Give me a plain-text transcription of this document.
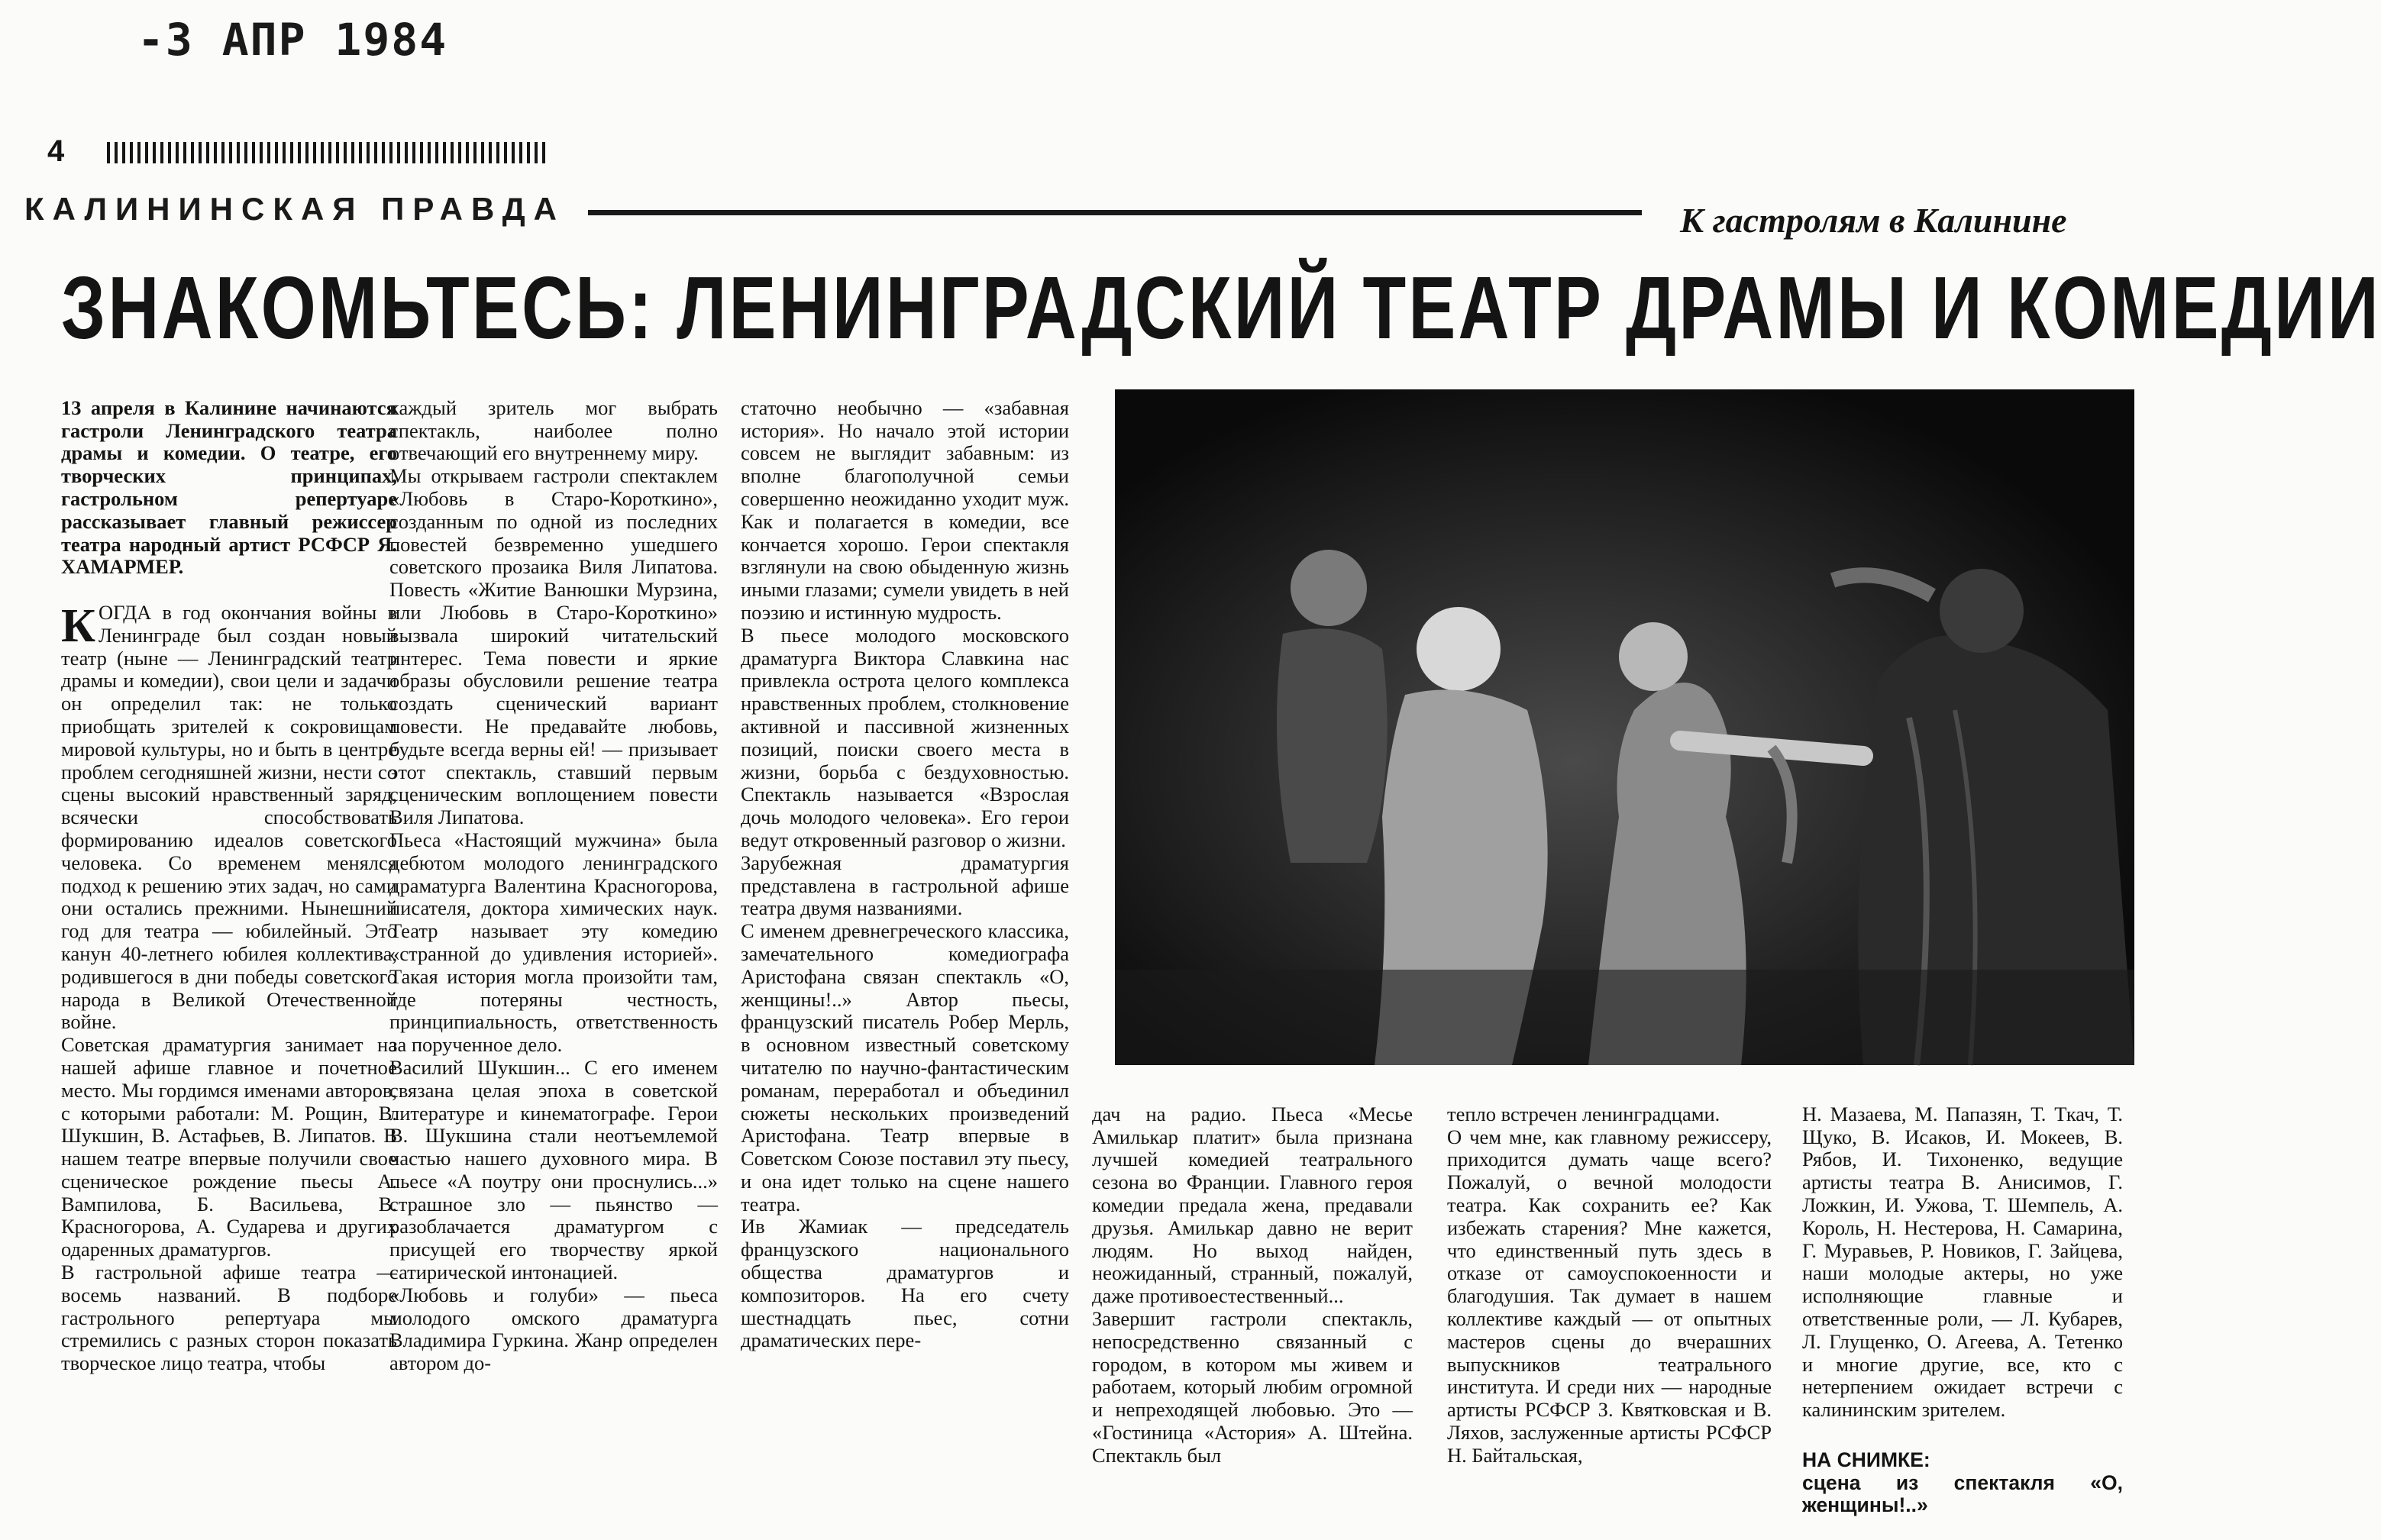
-3 АПР 1984
4
КАЛИНИНСКАЯ ПРАВДА	К гастролям в Калинине
ЗНАКОМЬТЕСЬ: ЛЕНИНГРАДСКИЙ ТЕАТР ДРАМЫ И КОМЕДИИ

13 апреля в Калинине начинаются гастроли Ленинградского театра драмы и комедии. О театре, его творческих принципах, гастрольном репертуаре рассказывает главный режиссер театра народный артист РСФСР Я. ХАМАРМЕР.

КОГДА в год окончания войны в Ленинграде был создан новый театр (ныне — Ленинградский театр драмы и комедии), свои цели и задачи он определил так: не только приобщать зрителей к сокровищам мировой культуры, но и быть в центре проблем сегодняшней жизни, нести со сцены высокий нравственный заряд, всячески способствовать формированию идеалов советского человека. Со временем менялся подход к решению этих задач, но сами они остались прежними. Нынешний год для театра — юбилейный. Это канун 40-летнего юбилея коллектива, родившегося в дни победы советского народа в Великой Отечественной войне.
Советская драматургия занимает на нашей афише главное и почетное место. Мы гордимся именами авторов, с которыми работали: М. Рощин, В. Шукшин, В. Астафьев, В. Липатов. В нашем театре впервые получили свое сценическое рождение пьесы А. Вампилова, Б. Васильева, В. Красногорова, А. Сударева и других одаренных драматургов.
В гастрольной афише театра — восемь названий. В подборе гастрольного репертуара мы стремились с разных сторон показать творческое лицо театра, чтобы

каждый зритель мог выбрать спектакль, наиболее полно отвечающий его внутреннему миру.
Мы открываем гастроли спектаклем «Любовь в Старо-Короткино», созданным по одной из последних повестей безвременно ушедшего советского прозаика Виля Липатова. Повесть «Житие Ванюшки Мурзина, или Любовь в Старо-Короткино» вызвала широкий читательский интерес. Тема повести и яркие образы обусловили решение театра создать сценический вариант повести. Не предавайте любовь, будьте всегда верны ей! — призывает этот спектакль, ставший первым сценическим воплощением повести Виля Липатова.
Пьеса «Настоящий мужчина» была дебютом молодого ленинградского драматурга Валентина Красногорова, писателя, доктора химических наук. Театр называет эту комедию «странной до удивления историей». Такая история могла произойти там, где потеряны честность, принципиальность, ответственность за порученное дело.
Василий Шукшин... С его именем связана целая эпоха в советской литературе и кинематографе. Герои В. Шукшина стали неотъемлемой частью нашего духовного мира. В пьесе «А поутру они проснулись...» страшное зло — пьянство — разоблачается драматургом с присущей его творчеству яркой сатирической интонацией.
«Любовь и голуби» — пьеса молодого омского драматурга Владимира Гуркина. Жанр определен автором до-

статочно необычно — «забавная история». Но начало этой истории совсем не выглядит забавным: из вполне благополучной семьи совершенно неожиданно уходит муж. Как и полагается в комедии, все кончается хорошо. Герои спектакля взглянули на свою обыденную жизнь иными глазами; сумели увидеть в ней поэзию и истинную мудрость.
В пьесе молодого московского драматурга Виктора Славкина нас привлекла острота целого комплекса нравственных проблем, столкновение активной и пассивной жизненных позиций, поиски своего места в жизни, борьба с бездуховностью. Спектакль называется «Взрослая дочь молодого человека». Его герои ведут откровенный разговор о жизни.
Зарубежная драматургия представлена в гастрольной афише театра двумя названиями.
С именем древнегреческого классика, замечательного комедиографа Аристофана связан спектакль «О, женщины!..» Автор пьесы, французский писатель Робер Мерль, в основном известный советскому читателю по научно-фантастическим романам, переработал и объединил сюжеты нескольких произведений Аристофана. Театр впервые в Советском Союзе поставил эту пьесу, и она идет только на сцене нашего театра.
Ив Жамиак — председатель французского национального общества драматургов и композиторов. На его счету шестнадцать пьес, сотни драматических пере-

дач на радио. Пьеса «Месье Амилькар платит» была признана лучшей комедией театрального сезона во Франции. Главного героя комедии предала жена, предавали друзья. Амилькар давно не верит людям. Но выход найден, неожиданный, странный, пожалуй, даже противоестественный...
Завершит гастроли спектакль, непосредственно связанный с городом, в котором мы живем и работаем, который любим огромной и непреходящей любовью. Это — «Гостиница «Астория» А. Штейна. Спектакль был

тепло встречен ленинградцами.
О чем мне, как главному режиссеру, приходится думать чаще всего? Пожалуй, о вечной молодости театра. Как сохранить ее? Как избежать старения? Мне кажется, что единственный путь здесь в отказе от самоуспокоенности и благодушия. Так думает в нашем коллективе каждый — от опытных мастеров сцены до вчерашних выпускников театрального института. И среди них — народные артисты РСФСР З. Квятковская и В. Ляхов, заслуженные артисты РСФСР Н. Байтальская,

Н. Мазаева, М. Папазян, Т. Ткач, Т. Щуко, В. Исаков, И. Мокеев, В. Рябов, И. Тихоненко, ведущие артисты театра В. Анисимов, Г. Ложкин, И. Ужова, Т. Шемпель, А. Король, Н. Нестерова, Н. Самарина, Г. Муравьев, Р. Новиков, Г. Зайцева, наши молодые актеры, но уже исполняющие главные и ответственные роли, — Л. Кубарев, Л. Глущенко, О. Агеева, А. Тетенко и многие другие, все, кто с нетерпением ожидает встречи с калининским зрителем.

НА СНИМКЕ:
сцена из спектакля «О, женщины!..»
